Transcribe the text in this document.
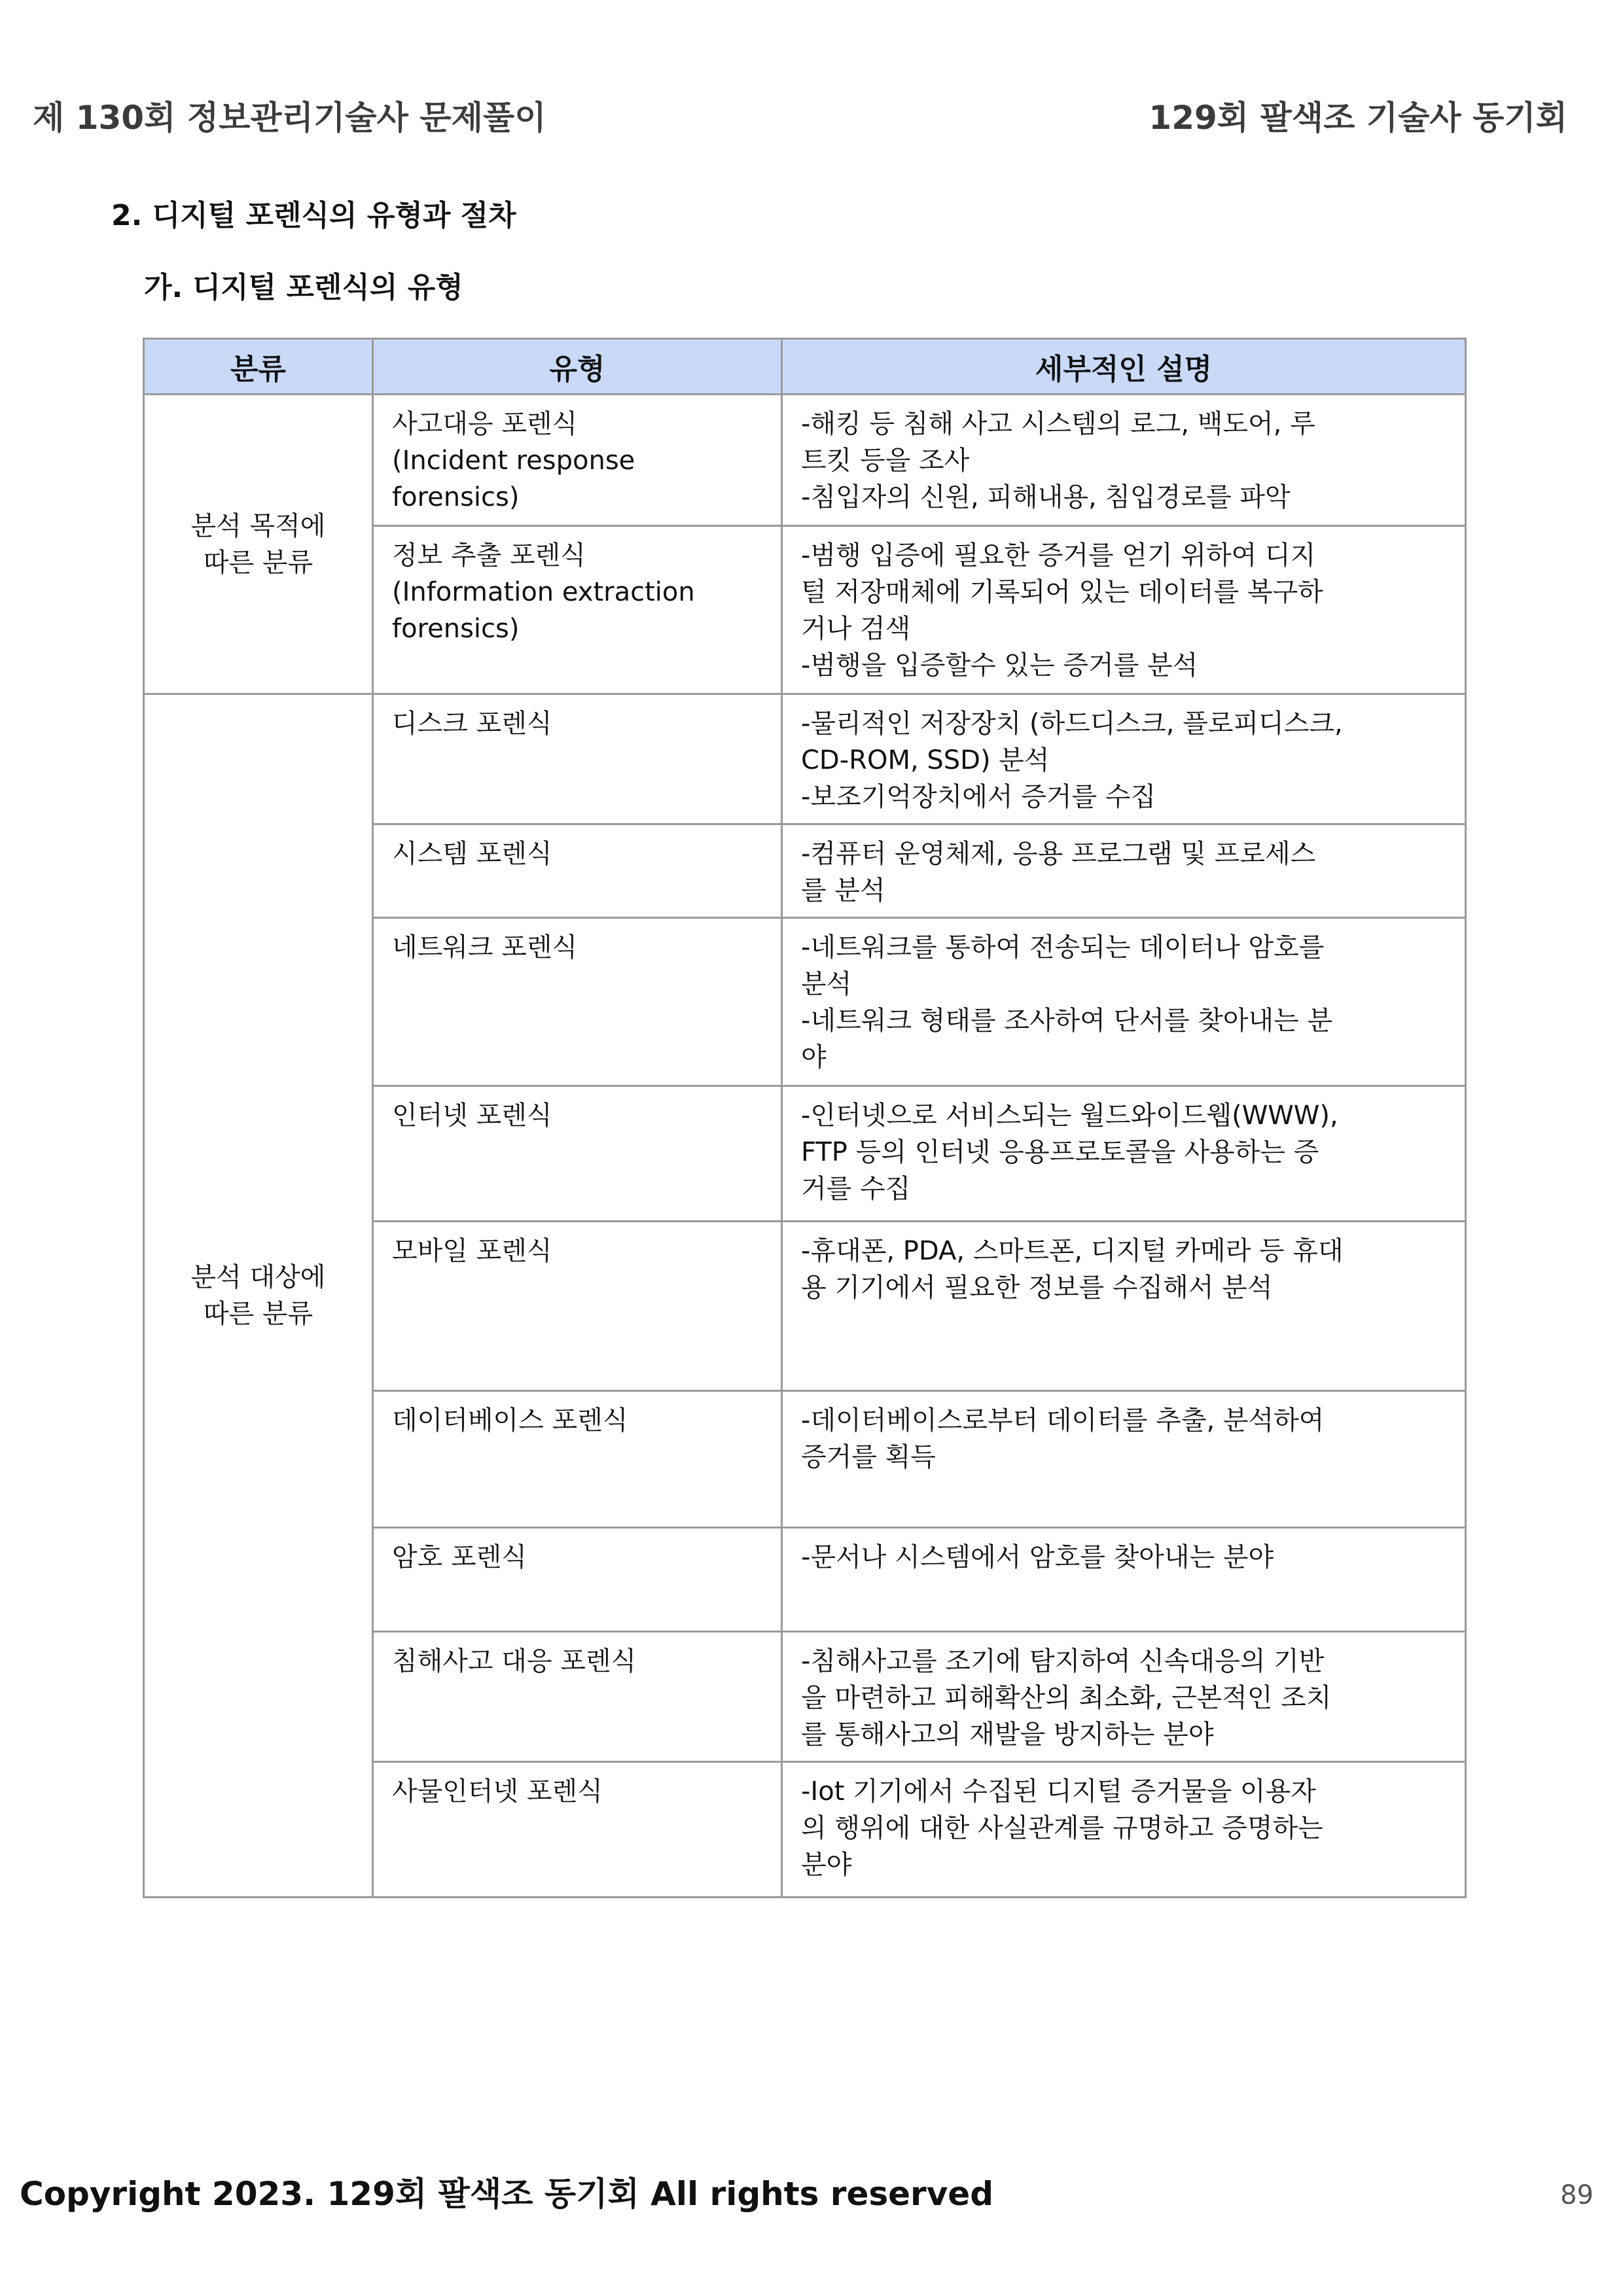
제 130회 정보관리기술사 문제풀이	129회 팔색조 기술사 동기회
2. 디지털 포렌식의 유형과 절차
가. 디지털 포렌식의 유형
분류	유형	세부적인 설명

분석 목적에
따른 분류	사고대응 포렌식
(Incident response
forensics)	-해킹 등 침해 사고 시스템의 로그, 백도어, 루
트킷 등을 조사
-침입자의 신원, 피해내용, 침입경로를 파악

	정보 추출 포렌식
(Information extraction
forensics)	-범행 입증에 필요한 증거를 얻기 위하여 디지
털 저장매체에 기록되어 있는 데이터를 복구하
거나 검색
-범행을 입증할수 있는 증거를 분석

분석 대상에
따른 분류	디스크 포렌식	-물리적인 저장장치 (하드디스크, 플로피디스크,
CD-ROM, SSD) 분석
-보조기억장치에서 증거를 수집

	시스템 포렌식	-컴퓨터 운영체제, 응용 프로그램 및 프로세스
를 분석

	네트워크 포렌식	-네트워크를 통하여 전송되는 데이터나 암호를
분석
-네트워크 형태를 조사하여 단서를 찾아내는 분
야

	인터넷 포렌식	-인터넷으로 서비스되는 월드와이드웹(WWW),
FTP 등의 인터넷 응용프로토콜을 사용하는 증
거를 수집

	모바일 포렌식	-휴대폰, PDA, 스마트폰, 디지털 카메라 등 휴대
용 기기에서 필요한 정보를 수집해서 분석

	데이터베이스 포렌식	-데이터베이스로부터 데이터를 추출, 분석하여
증거를 획득

	암호 포렌식	-문서나 시스템에서 암호를 찾아내는 분야

	침해사고 대응 포렌식	-침해사고를 조기에 탐지하여 신속대응의 기반
을 마련하고 피해확산의 최소화, 근본적인 조치
를 통해사고의 재발을 방지하는 분야

	사물인터넷 포렌식	-Iot 기기에서 수집된 디지털 증거물을 이용자
의 행위에 대한 사실관계를 규명하고 증명하는
분야
Copyright 2023. 129회 팔색조 동기회 All rights reserved	89
